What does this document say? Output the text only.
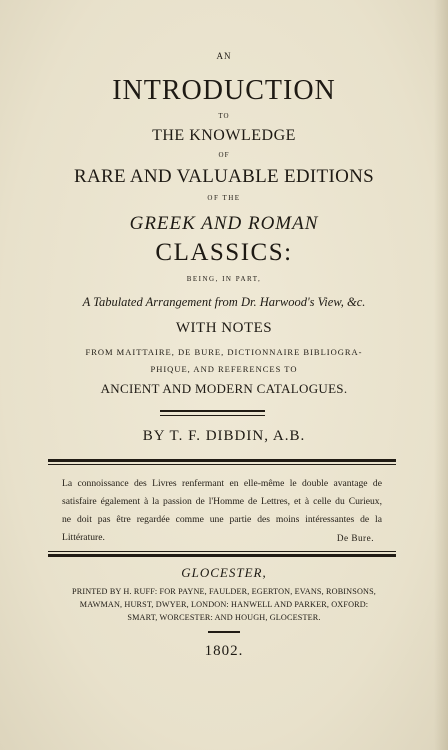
AN
INTRODUCTION
TO
THE KNOWLEDGE
OF
RARE AND VALUABLE EDITIONS
OF THE
GREEK AND ROMAN
CLASSICS:
BEING, IN PART,
A Tabulated Arrangement from Dr. Harwood's View, &c.
WITH NOTES
FROM MAITTAIRE, DE BURE, DICTIONNAIRE BIBLIOGRA-
PHIQUE, AND REFERENCES TO
ANCIENT AND MODERN CATALOGUES.
BY T. F. DIBDIN, A.B.
La connoissance des Livres renfermant en elle-même le double avantage de
satisfaire également à la passion de l'Homme de Lettres, et à celle du Curieux,
ne doit pas être regardée comme une partie des moins intéressantes de la
Littérature.	De Bure.
GLOCESTER,
PRINTED BY H. RUFF: FOR PAYNE, FAULDER, EGERTON, EVANS, ROBINSONS,
MAWMAN, HURST, DWYER, LONDON: HANWELL AND PARKER, OXFORD:
SMART, WORCESTER: AND HOUGH, GLOCESTER.
1802.
